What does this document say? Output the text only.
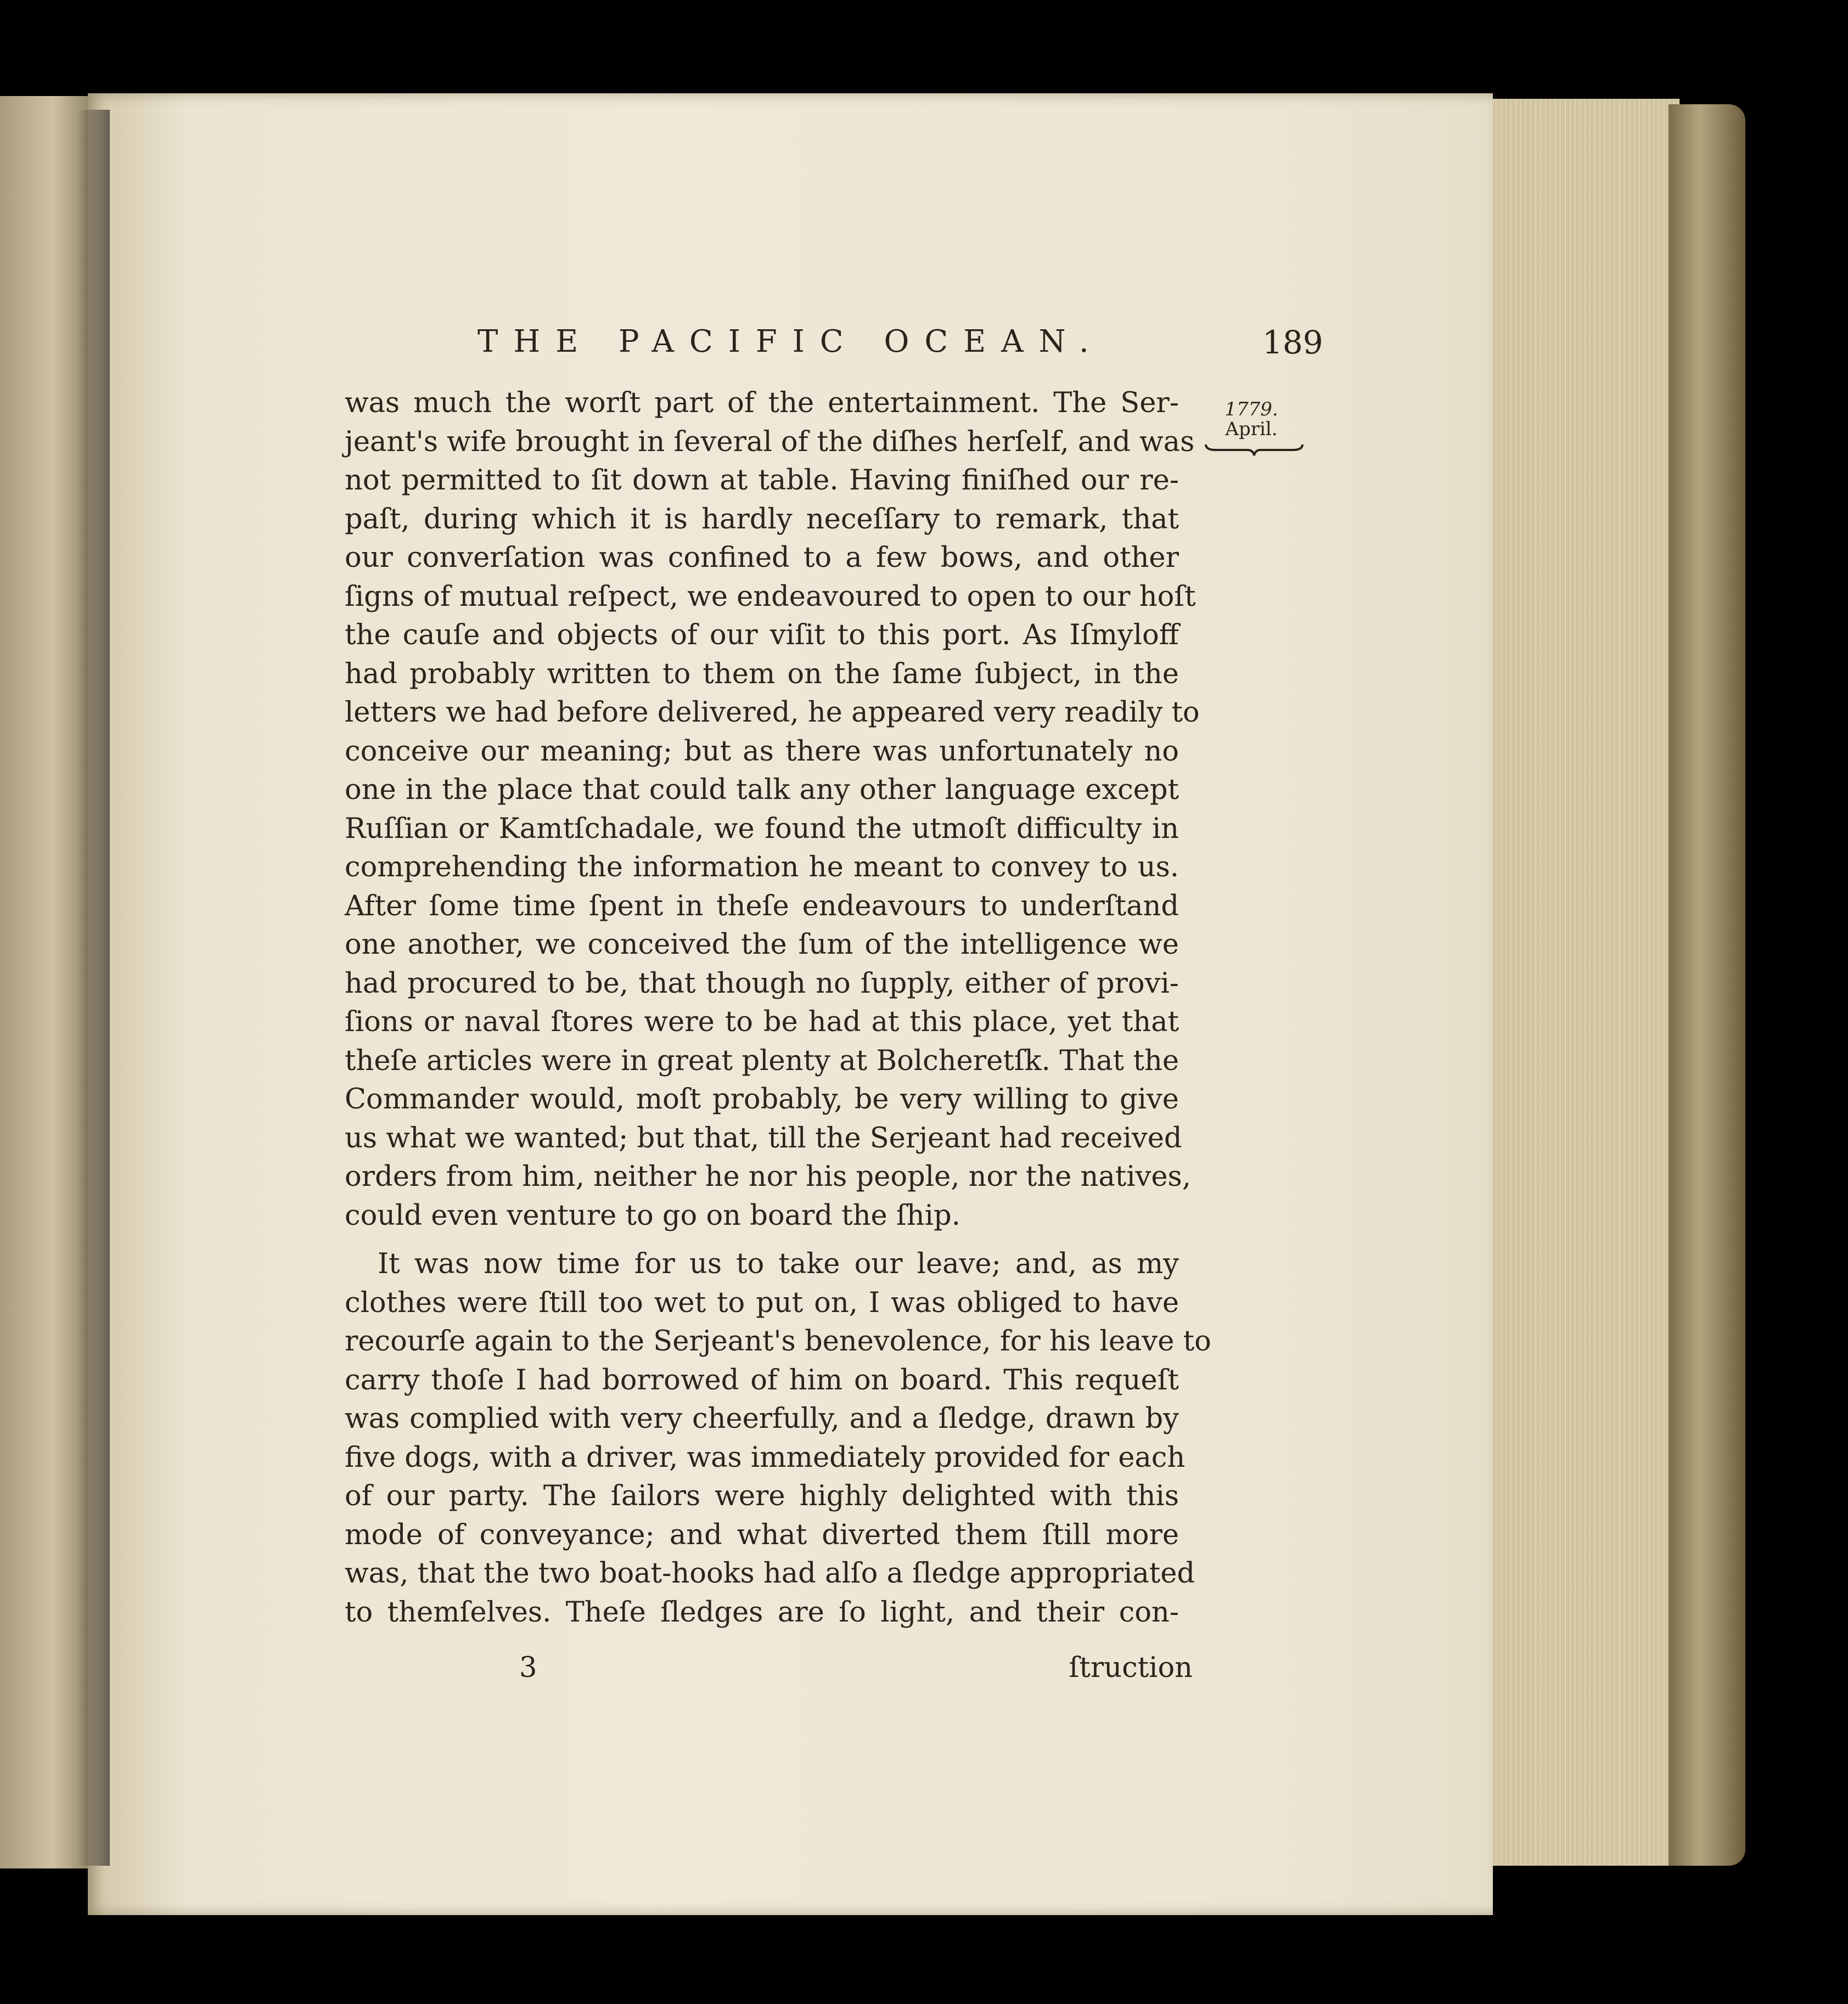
THE PACIFIC OCEAN.	189
1779.
April.
was much the worſt part of the entertainment. The Ser-
jeant's wife brought in ſeveral of the diſhes herſelf, and was
not permitted to ſit down at table. Having finiſhed our re-
paſt, during which it is hardly neceſſary to remark, that
our converſation was confined to a few bows, and other
ſigns of mutual reſpect, we endeavoured to open to our hoſt
the cauſe and objects of our viſit to this port. As Iſmyloff
had probably written to them on the ſame ſubject, in the
letters we had before delivered, he appeared very readily to
conceive our meaning; but as there was unfortunately no
one in the place that could talk any other language except
Ruſſian or Kamtſchadale, we found the utmoſt difficulty in
comprehending the information he meant to convey to us.
After ſome time ſpent in theſe endeavours to underſtand
one another, we conceived the ſum of the intelligence we
had procured to be, that though no ſupply, either of provi-
ſions or naval ſtores were to be had at this place, yet that
theſe articles were in great plenty at Bolcheretſk. That the
Commander would, moſt probably, be very willing to give
us what we wanted; but that, till the Serjeant had received
orders from him, neither he nor his people, nor the natives,
could even venture to go on board the ſhip.
It was now time for us to take our leave; and, as my
clothes were ſtill too wet to put on, I was obliged to have
recourſe again to the Serjeant's benevolence, for his leave to
carry thoſe I had borrowed of him on board. This requeſt
was complied with very cheerfully, and a ſledge, drawn by
five dogs, with a driver, was immediately provided for each
of our party. The ſailors were highly delighted with this
mode of conveyance; and what diverted them ſtill more
was, that the two boat-hooks had alſo a ſledge appropriated
to themſelves. Theſe ſledges are ſo light, and their con-
3	ſtruction
